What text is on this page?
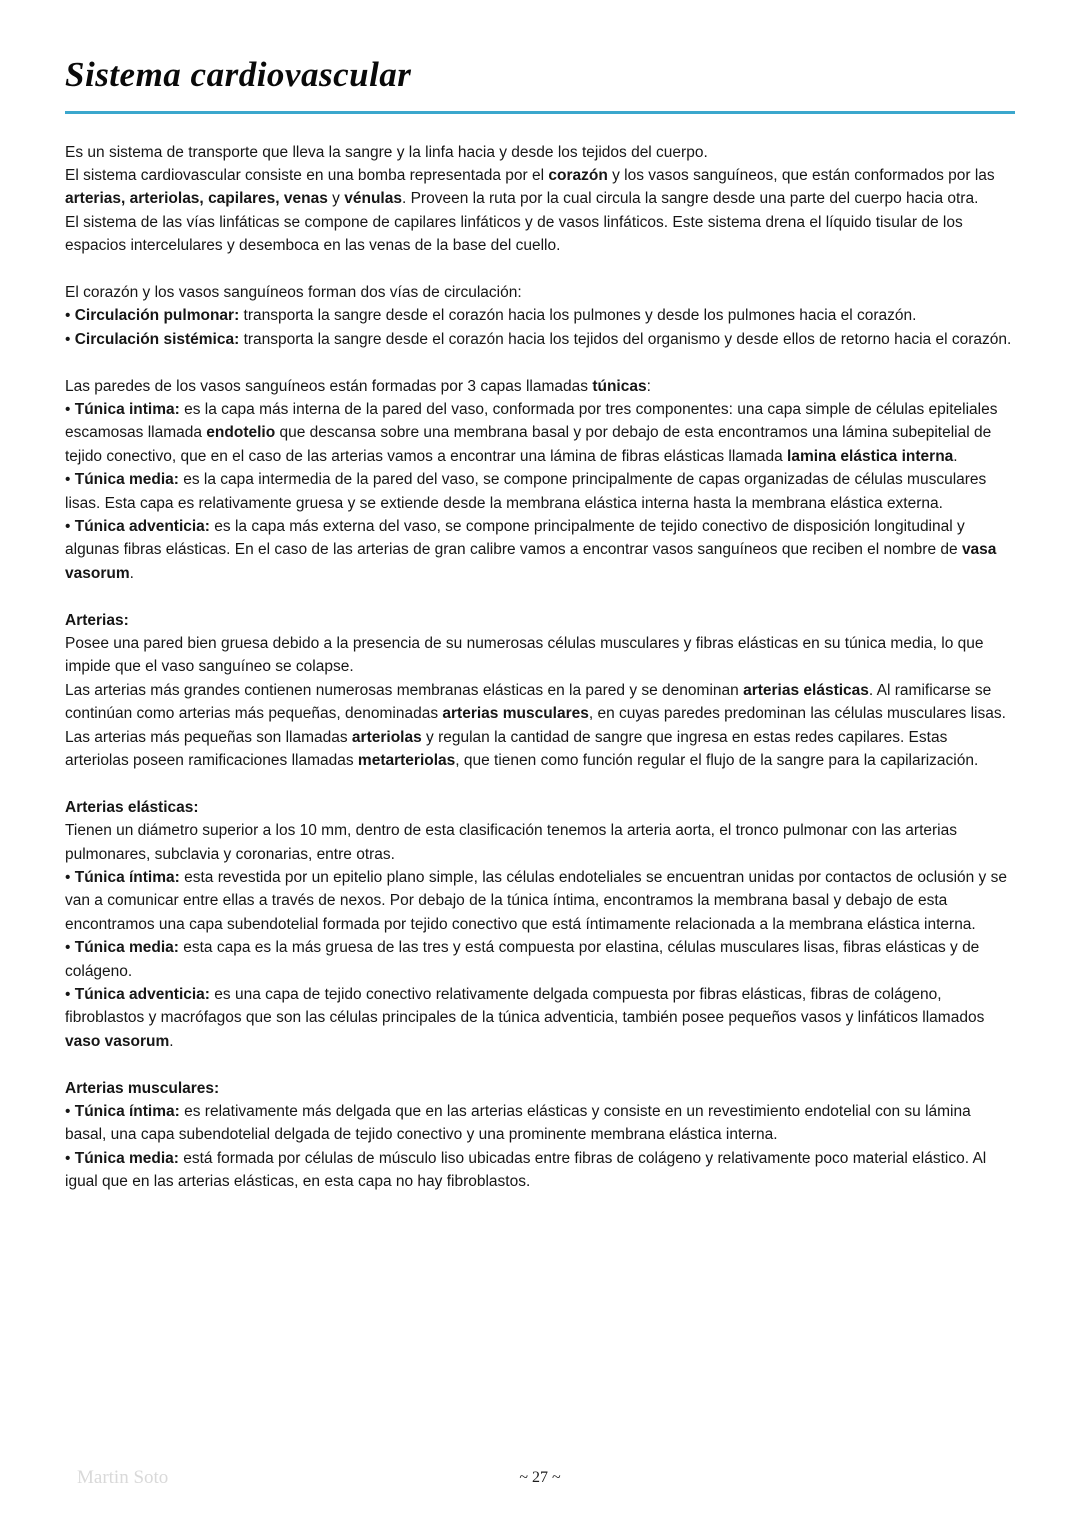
Sistema cardiovascular

Es un sistema de transporte que lleva la sangre y la linfa hacia y desde los tejidos del cuerpo.

El sistema cardiovascular consiste en una bomba representada por el corazón y los vasos sanguíneos, que están conformados por las arterias, arteriolas, capilares, venas y vénulas. Proveen la ruta por la cual circula la sangre desde una parte del cuerpo hacia otra.

El sistema de las vías linfáticas se compone de capilares linfáticos y de vasos linfáticos. Este sistema drena el líquido tisular de los espacios intercelulares y desemboca en las venas de la base del cuello.

El corazón y los vasos sanguíneos forman dos vías de circulación:

• Circulación pulmonar: transporta la sangre desde el corazón hacia los pulmones y desde los pulmones hacia el corazón.

• Circulación sistémica: transporta la sangre desde el corazón hacia los tejidos del organismo y desde ellos de retorno hacia el corazón.

Las paredes de los vasos sanguíneos están formadas por 3 capas llamadas túnicas:

• Túnica intima: es la capa más interna de la pared del vaso, conformada por tres componentes: una capa simple de células epiteliales escamosas llamada endotelio que descansa sobre una membrana basal y por debajo de esta encontramos una lámina subepitelial de tejido conectivo, que en el caso de las arterias vamos a encontrar una lámina de fibras elásticas llamada lamina elástica interna.

• Túnica media: es la capa intermedia de la pared del vaso, se compone principalmente de capas organizadas de células musculares lisas. Esta capa es relativamente gruesa y se extiende desde la membrana elástica interna hasta la membrana elástica externa.

• Túnica adventicia: es la capa más externa del vaso, se compone principalmente de tejido conectivo de disposición longitudinal y algunas fibras elásticas. En el caso de las arterias de gran calibre vamos a encontrar vasos sanguíneos que reciben el nombre de vasa vasorum.

Arterias:

Posee una pared bien gruesa debido a la presencia de su numerosas células musculares y fibras elásticas en su túnica media, lo que impide que el vaso sanguíneo se colapse.

Las arterias más grandes contienen numerosas membranas elásticas en la pared y se denominan arterias elásticas. Al ramificarse se continúan como arterias más pequeñas, denominadas arterias musculares, en cuyas paredes predominan las células musculares lisas.

Las arterias más pequeñas son llamadas arteriolas y regulan la cantidad de sangre que ingresa en estas redes capilares. Estas arteriolas poseen ramificaciones llamadas metarteriolas, que tienen como función regular el flujo de la sangre para la capilarización.

Arterias elásticas:

Tienen un diámetro superior a los 10 mm, dentro de esta clasificación tenemos la arteria aorta, el tronco pulmonar con las arterias pulmonares, subclavia y coronarias, entre otras.

• Túnica íntima: esta revestida por un epitelio plano simple, las células endoteliales se encuentran unidas por contactos de oclusión y se van a comunicar entre ellas a través de nexos. Por debajo de la túnica íntima, encontramos la membrana basal y debajo de esta encontramos una capa subendotelial formada por tejido conectivo que está íntimamente relacionada a la membrana elástica interna.

• Túnica media: esta capa es la más gruesa de las tres y está compuesta por elastina, células musculares lisas, fibras elásticas y de colágeno.

• Túnica adventicia: es una capa de tejido conectivo relativamente delgada compuesta por fibras elásticas, fibras de colágeno, fibroblastos y macrófagos que son las células principales de la túnica adventicia, también posee pequeños vasos y linfáticos llamados vaso vasorum.

Arterias musculares:

• Túnica íntima: es relativamente más delgada que en las arterias elásticas y consiste en un revestimiento endotelial con su lámina basal, una capa subendotelial delgada de tejido conectivo y una prominente membrana elástica interna.

• Túnica media: está formada por células de músculo liso ubicadas entre fibras de colágeno y relativamente poco material elástico. Al igual que en las arterias elásticas, en esta capa no hay fibroblastos.

Martin Soto	~ 27 ~
